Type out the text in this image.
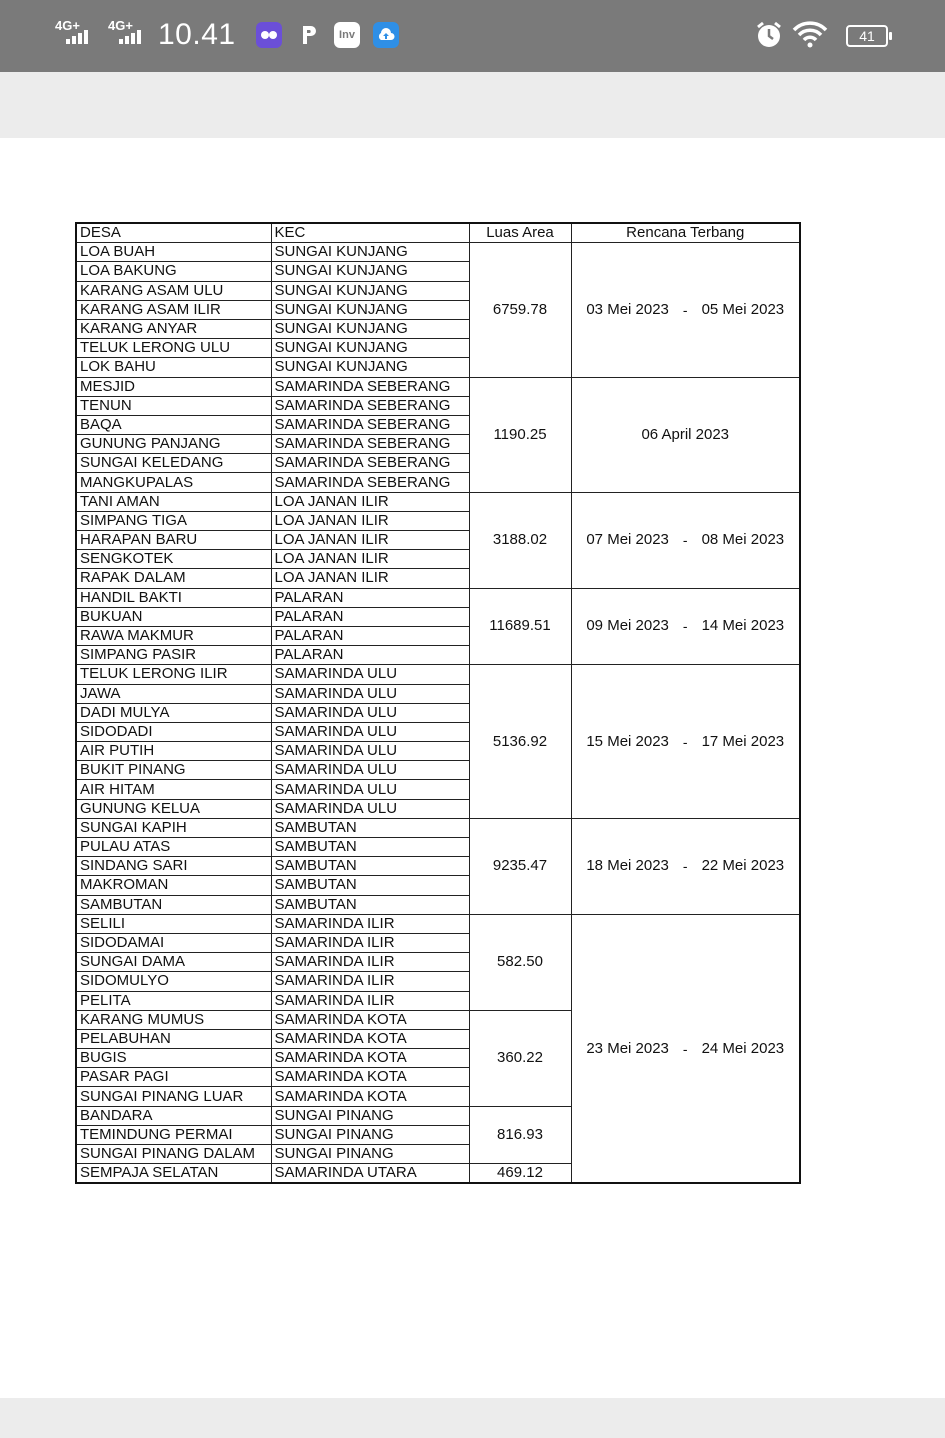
4G+ 4G+ 10.41	Inv	41
DESA	KEC	Luas Area	Rencana Terbang
LOA BUAH	SUNGAI KUNJANG	6759.78	03 Mei 2023 - 05 Mei 2023

LOA BAKUNG	SUNGAI KUNJANG		
KARANG ASAM ULU	SUNGAI KUNJANG		
KARANG ASAM ILIR	SUNGAI KUNJANG		
KARANG ANYAR	SUNGAI KUNJANG		
TELUK LERONG ULU	SUNGAI KUNJANG		
LOK BAHU	SUNGAI KUNJANG		
MESJID	SAMARINDA SEBERANG	1190.25	06 April 2023

TENUN	SAMARINDA SEBERANG		
BAQA	SAMARINDA SEBERANG		
GUNUNG PANJANG	SAMARINDA SEBERANG		
SUNGAI KELEDANG	SAMARINDA SEBERANG		
MANGKUPALAS	SAMARINDA SEBERANG		
TANI AMAN	LOA JANAN ILIR	3188.02	07 Mei 2023 - 08 Mei 2023

SIMPANG TIGA	LOA JANAN ILIR		
HARAPAN BARU	LOA JANAN ILIR		
SENGKOTEK	LOA JANAN ILIR		
RAPAK DALAM	LOA JANAN ILIR		
HANDIL BAKTI	PALARAN	11689.51	09 Mei 2023 - 14 Mei 2023

BUKUAN	PALARAN		
RAWA MAKMUR	PALARAN		
SIMPANG PASIR	PALARAN		
TELUK LERONG ILIR	SAMARINDA ULU	5136.92	15 Mei 2023 - 17 Mei 2023

JAWA	SAMARINDA ULU		
DADI MULYA	SAMARINDA ULU		
SIDODADI	SAMARINDA ULU		
AIR PUTIH	SAMARINDA ULU		
BUKIT PINANG	SAMARINDA ULU		
AIR HITAM	SAMARINDA ULU		
GUNUNG KELUA	SAMARINDA ULU		
SUNGAI KAPIH	SAMBUTAN	9235.47	18 Mei 2023 - 22 Mei 2023

PULAU ATAS	SAMBUTAN		
SINDANG SARI	SAMBUTAN		
MAKROMAN	SAMBUTAN		
SAMBUTAN	SAMBUTAN		
SELILI	SAMARINDA ILIR	582.50	23 Mei 2023 - 24 Mei 2023

SIDODAMAI	SAMARINDA ILIR		
SUNGAI DAMA	SAMARINDA ILIR		
SIDOMULYO	SAMARINDA ILIR		
PELITA	SAMARINDA ILIR		
KARANG MUMUS	SAMARINDA KOTA	360.22	
PELABUHAN	SAMARINDA KOTA		
BUGIS	SAMARINDA KOTA		
PASAR PAGI	SAMARINDA KOTA		
SUNGAI PINANG LUAR	SAMARINDA KOTA		
BANDARA	SUNGAI PINANG	816.93	
TEMINDUNG PERMAI	SUNGAI PINANG		
SUNGAI PINANG DALAM	SUNGAI PINANG		
SEMPAJA SELATAN	SAMARINDA UTARA	469.12	
